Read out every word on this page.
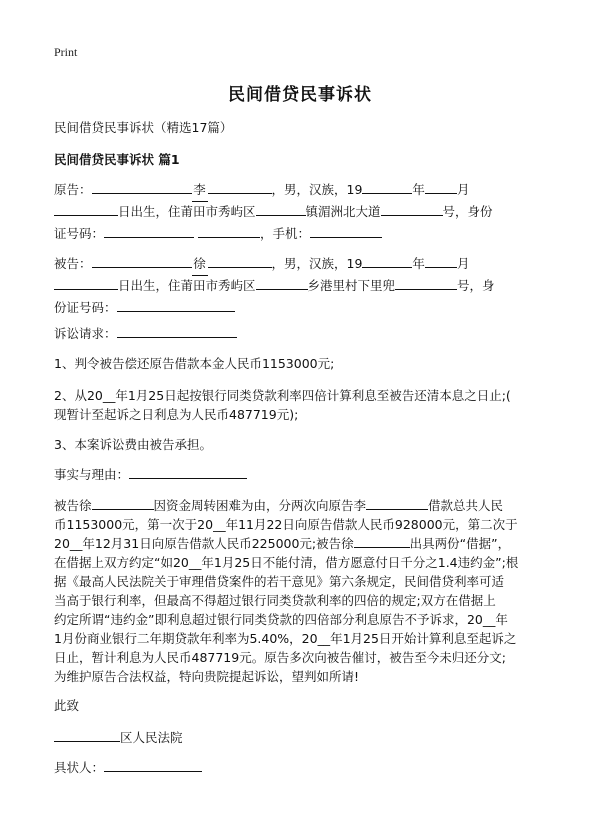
Print
民间借贷民事诉状
民间借贷民事诉状（精选17篇）
民间借贷民事诉状 篇1
原告：	李	，男，汉族，19	年	月
日出生，住莆田市秀屿区	镇湄洲北大道	号，身份
证号码：	，手机：
被告：	徐	，男，汉族，19	年	月
日出生，住莆田市秀屿区	乡港里村下里兜	号，身
份证号码：
诉讼请求：
1、判令被告偿还原告借款本金人民币1153000元;
2、从20__年1月25日起按银行同类贷款利率四倍计算利息至被告还清本息之日止;(
现暂计至起诉之日利息为人民币487719元);
3、本案诉讼费由被告承担。
事实与理由：
被告徐	因资金周转困难为由，分两次向原告李	借款总共人民
币1153000元，第一次于20__年11月22日向原告借款人民币928000元，第二次于
20__年12月31日向原告借款人民币225000元;被告徐	出具两份“借据”，
在借据上双方约定“如20__年1月25日不能付清，借方愿意付日千分之1.4违约金”;根
据《最高人民法院关于审理借贷案件的若干意见》第六条规定，民间借贷利率可适
当高于银行利率，但最高不得超过银行同类贷款利率的四倍的规定;双方在借据上
约定所谓“违约金”即利息超过银行同类贷款的四倍部分利息原告不予诉求，20__年
1月份商业银行二年期贷款年利率为5.40%，20__年1月25日开始计算利息至起诉之
日止，暂计利息为人民币487719元。原告多次向被告催讨，被告至今未归还分文;
为维护原告合法权益，特向贵院提起诉讼，望判如所请!
此致
区人民法院
具状人：
